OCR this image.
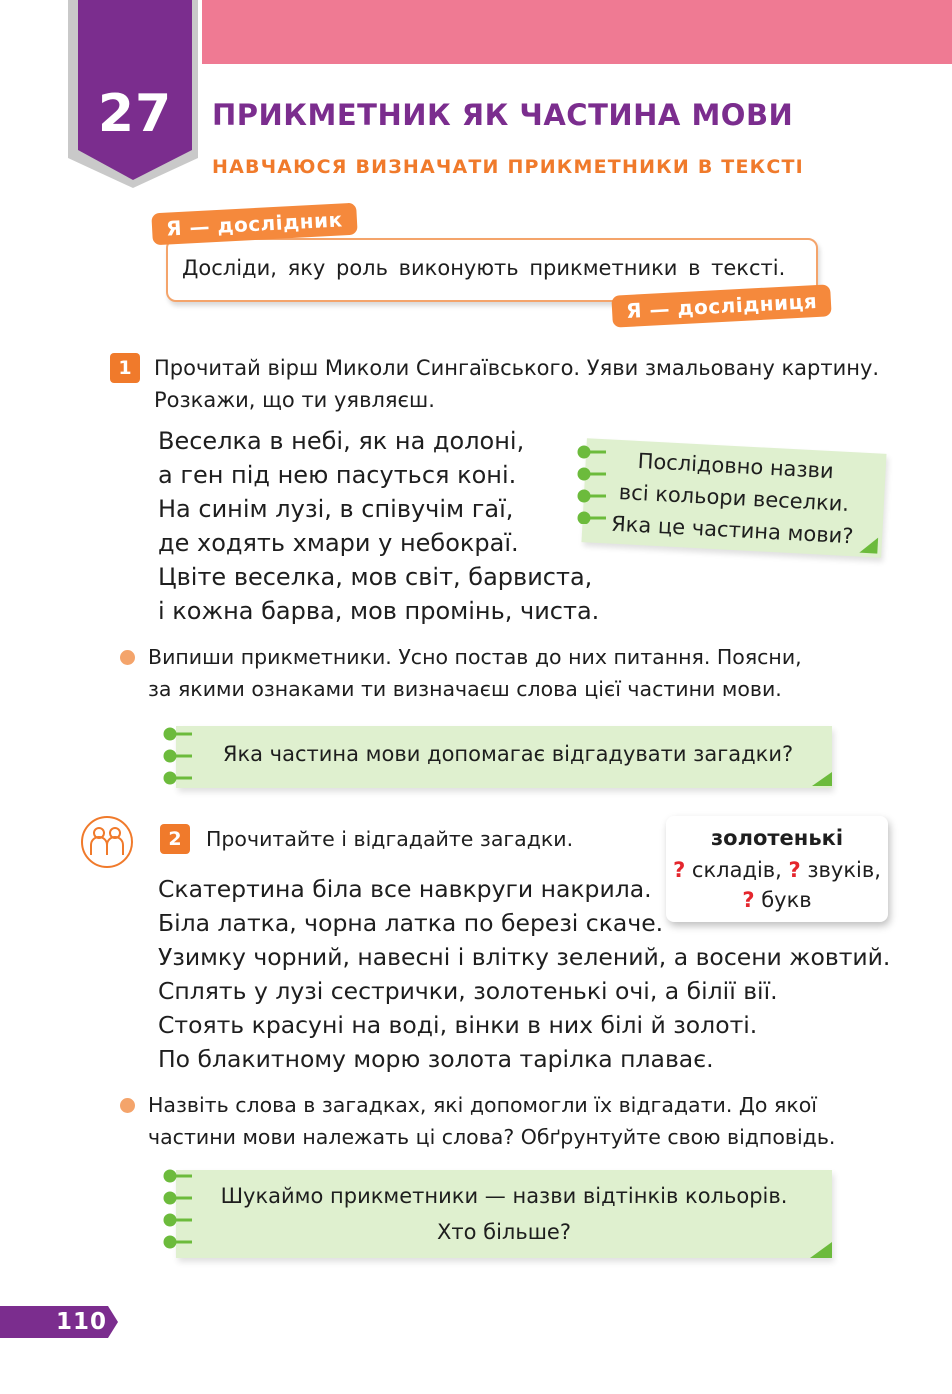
27	ПРИКМЕТНИК ЯК ЧАСТИНА МОВИ
НАВЧАЮСЯ ВИЗНАЧАТИ ПРИКМЕТНИКИ В ТЕКСТІ
Досліди, яку роль виконують прикметники в тексті.
Я — дослідник
Я — дослідниця
1	Прочитай вірш Миколи Сингаївського. Уяви змальовану картину.
Розкажи, що ти уявляєш.
Веселка в небі, як на долоні,
а ген під нею пасуться коні.
На синім лузі, в співучім гаї,
де ходять хмари у небокраї.
Цвіте веселка, мов світ, барвиста,
і кожна барва, мов промінь, чиста.
Послідовно назви
всі кольори веселки.
Яка це частина мови?
Випиши прикметники. Усно постав до них питання. Поясни,
за якими ознаками ти визначаєш слова цієї частини мови.
Яка частина мови допомагає відгадувати загадки?
2	Прочитайте і відгадайте загадки.	золотенькі
? складів, ? звуків,
? букв
Скатертина біла все навкруги накрила.
Біла латка, чорна латка по березі скаче.
Узимку чорний, навесні і влітку зелений, а восени жовтий.
Сплять у лузі сестрички, золотенькі очі, а білії вії.
Стоять красуні на воді, вінки в них білі й золоті.
По блакитному морю золота тарілка плаває.
Назвіть слова в загадках, які допомогли їх відгадати. До якої
частини мови належать ці слова? Обґрунтуйте свою відповідь.
Шукаймо прикметники — назви відтінків кольорів.
Хто більше?
110
